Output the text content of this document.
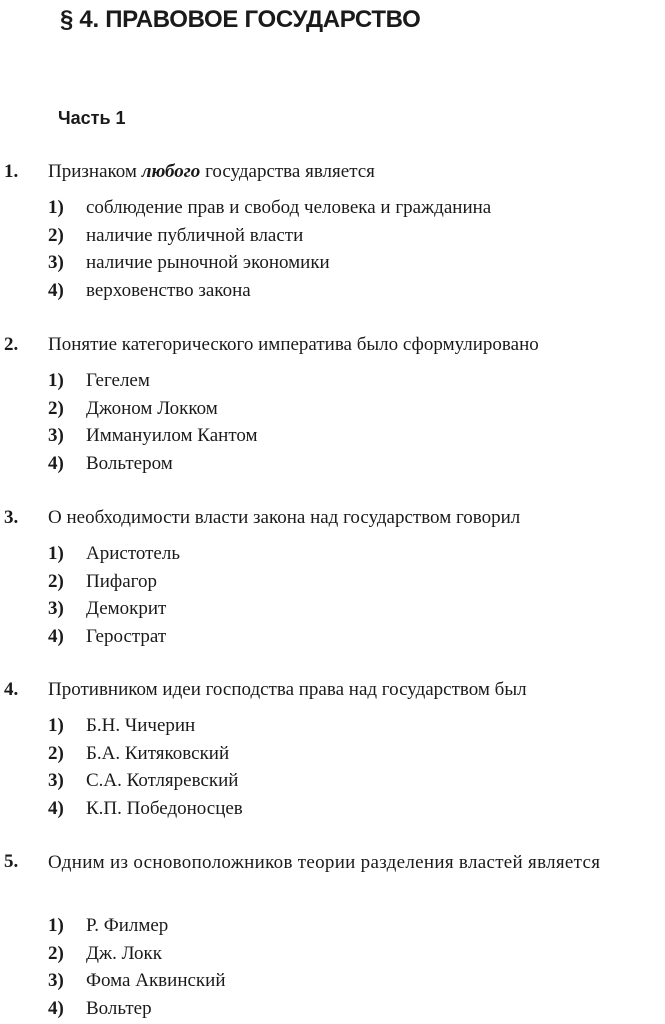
§ 4. ПРАВОВОЕ ГОСУДАРСТВО
Часть 1
1. Признаком любого государства является
1) соблюдение прав и свобод человека и гражданина
2) наличие публичной власти
3) наличие рыночной экономики
4) верховенство закона
2. Понятие категорического императива было сформулировано
1) Гегелем
2) Джоном Локком
3) Иммануилом Кантом
4) Вольтером
3. О необходимости власти закона над государством говорил
1) Аристотель
2) Пифагор
3) Демокрит
4) Герострат
4. Противником идеи господства права над государством был
1) Б.Н. Чичерин
2) Б.А. Китяковский
3) С.А. Котляревский
4) К.П. Победоносцев
5. Одним из основоположников теории разделения властей является
1) Р. Филмер
2) Дж. Локк
3) Фома Аквинский
4) Вольтер
